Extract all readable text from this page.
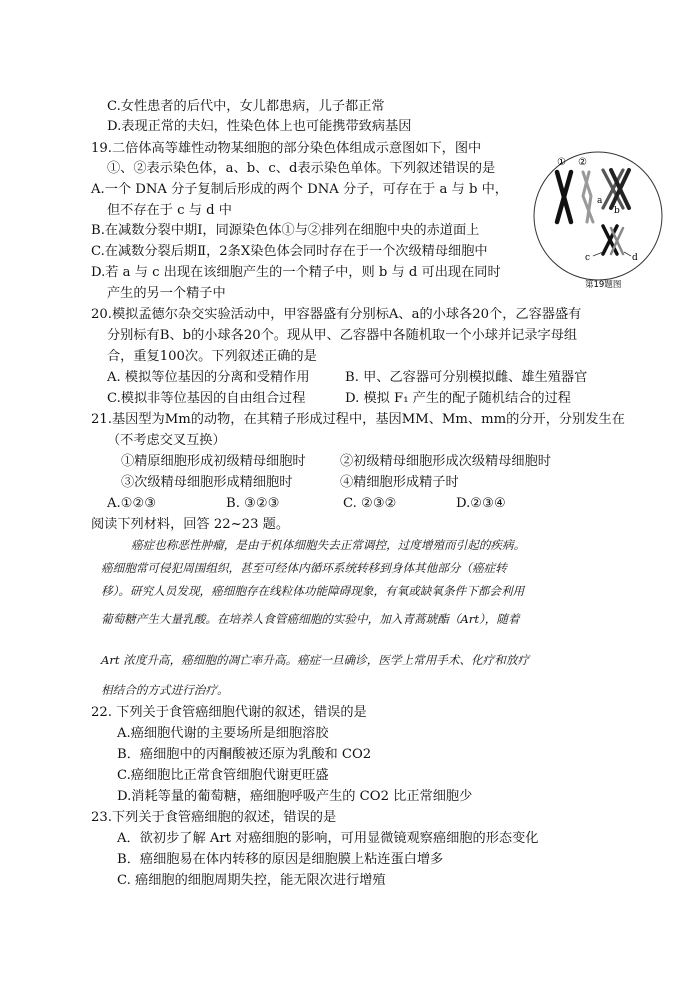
C.女性患者的后代中，女儿都患病，儿子都正常
D.表现正常的夫妇，性染色体上也可能携带致病基因
19.二倍体高等雄性动物某细胞的部分染色体组成示意图如下，图中
①、②表示染色体，a、b、c、d表示染色单体。下列叙述错误的是
A.一个 DNA 分子复制后形成的两个 DNA 分子，可存在于 a 与 b 中，
但不存在于 c 与 d 中
B.在减数分裂中期Ⅰ，同源染色体①与②排列在细胞中央的赤道面上
C.在减数分裂后期Ⅱ，2条X染色体会同时存在于一个次级精母细胞中
D.若 a 与 c 出现在该细胞产生的一个精子中，则 b 与 d 可出现在同时
产生的另一个精子中
① ②
a
b
c	d
第19题图
20.模拟孟德尔杂交实验活动中，甲容器盛有分别标A、a的小球各20个，乙容器盛有
分别标有B、b的小球各20个。现从甲、乙容器中各随机取一个小球并记录字母组
合，重复100次。下列叙述正确的是
A. 模拟等位基因的分离和受精作用	B. 甲、乙容器可分别模拟雌、雄生殖器官
C.模拟非等位基因的自由组合过程	D. 模拟 F₁ 产生的配子随机结合的过程
21.基因型为Mm的动物，在其精子形成过程中，基因MM、Mm、mm的分开，分别发生在
（不考虑交叉互换）
①精原细胞形成初级精母细胞时	②初级精母细胞形成次级精母细胞时
③次级精母细胞形成精细胞时	④精细胞形成精子时
A.①②③	B. ③②③	C. ②③②	D.②③④
阅读下列材料，回答 22~23 题。
癌症也称恶性肿瘤，是由于机体细胞失去正常调控，过度增殖而引起的疾病。
癌细胞常可侵犯周围组织，甚至可经体内循环系统转移到身体其他部分（癌症转
移）。研究人员发现，癌细胞存在线粒体功能障碍现象，有氧或缺氧条件下都会利用
葡萄糖产生大量乳酸。在培养人食管癌细胞的实验中，加入青蒿琥酯（Art），随着
Art 浓度升高，癌细胞的凋亡率升高。癌症一旦确诊，医学上常用手术、化疗和放疗
相结合的方式进行治疗。
22. 下列关于食管癌细胞代谢的叙述，错误的是
A.癌细胞代谢的主要场所是细胞溶胶
B．癌细胞中的丙酮酸被还原为乳酸和 CO2
C.癌细胞比正常食管细胞代谢更旺盛
D.消耗等量的葡萄糖，癌细胞呼吸产生的 CO2 比正常细胞少
23.下列关于食管癌细胞的叙述，错误的是
A．欲初步了解 Art 对癌细胞的影响，可用显微镜观察癌细胞的形态变化
B．癌细胞易在体内转移的原因是细胞膜上粘连蛋白增多
C. 癌细胞的细胞周期失控，能无限次进行增殖
